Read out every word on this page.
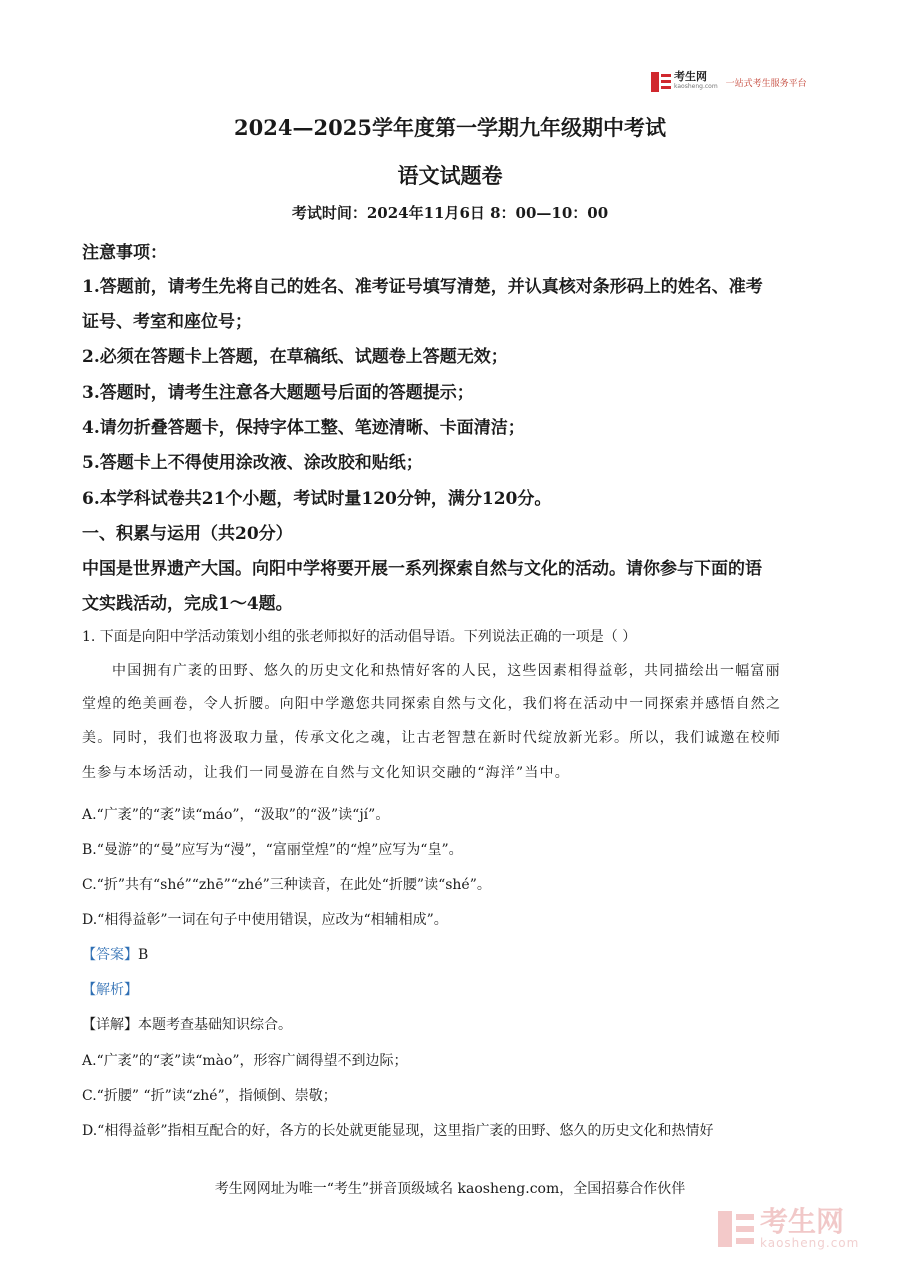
考生网
kaosheng.com 一站式考生服务平台
2024—2025学年度第一学期九年级期中考试
语文试题卷
考试时间：2024年11月6日 8：00—10：00
注意事项：
1.答题前，请考生先将自己的姓名、准考证号填写清楚，并认真核对条形码上的姓名、准考
证号、考室和座位号；
2.必须在答题卡上答题，在草稿纸、试题卷上答题无效；
3.答题时，请考生注意各大题题号后面的答题提示；
4.请勿折叠答题卡，保持字体工整、笔迹清晰、卡面清洁；
5.答题卡上不得使用涂改液、涂改胶和贴纸；
6.本学科试卷共21个小题，考试时量120分钟，满分120分。
一、积累与运用（共20分）
中国是世界遗产大国。向阳中学将要开展一系列探索自然与文化的活动。请你参与下面的语
文实践活动，完成1～4题。
1. 下面是向阳中学活动策划小组的张老师拟好的活动倡导语。下列说法正确的一项是（ ）
中国拥有广袤的田野、悠久的历史文化和热情好客的人民，这些因素相得益彰，共同描绘出一幅富丽
堂煌的绝美画卷，令人折腰。向阳中学邀您共同探索自然与文化，我们将在活动中一同探索并感悟自然之
美。同时，我们也将汲取力量，传承文化之魂，让古老智慧在新时代绽放新光彩。所以，我们诚邀在校师
生参与本场活动，让我们一同曼游在自然与文化知识交融的“海洋”当中。
A.“广袤”的“袤”读“máo”，“汲取”的“汲”读“jí”。
B.“曼游”的“曼”应写为“漫”，“富丽堂煌”的“煌”应写为“皇”。
C.“折”共有“shé”“zhē”“zhé”三种读音，在此处“折腰”读“shé”。
D.“相得益彰”一词在句子中使用错误，应改为“相辅相成”。
【答案】B
【解析】
【详解】本题考查基础知识综合。
A.“广袤”的“袤”读“mào”，形容广阔得望不到边际；
C.“折腰” “折”读“zhé”，指倾倒、崇敬；
D.“相得益彰”指相互配合的好，各方的长处就更能显现，这里指广袤的田野、悠久的历史文化和热情好
考生网网址为唯一“考生”拼音顶级域名 kaosheng.com，全国招募合作伙伴
考生网
kaosheng.com
